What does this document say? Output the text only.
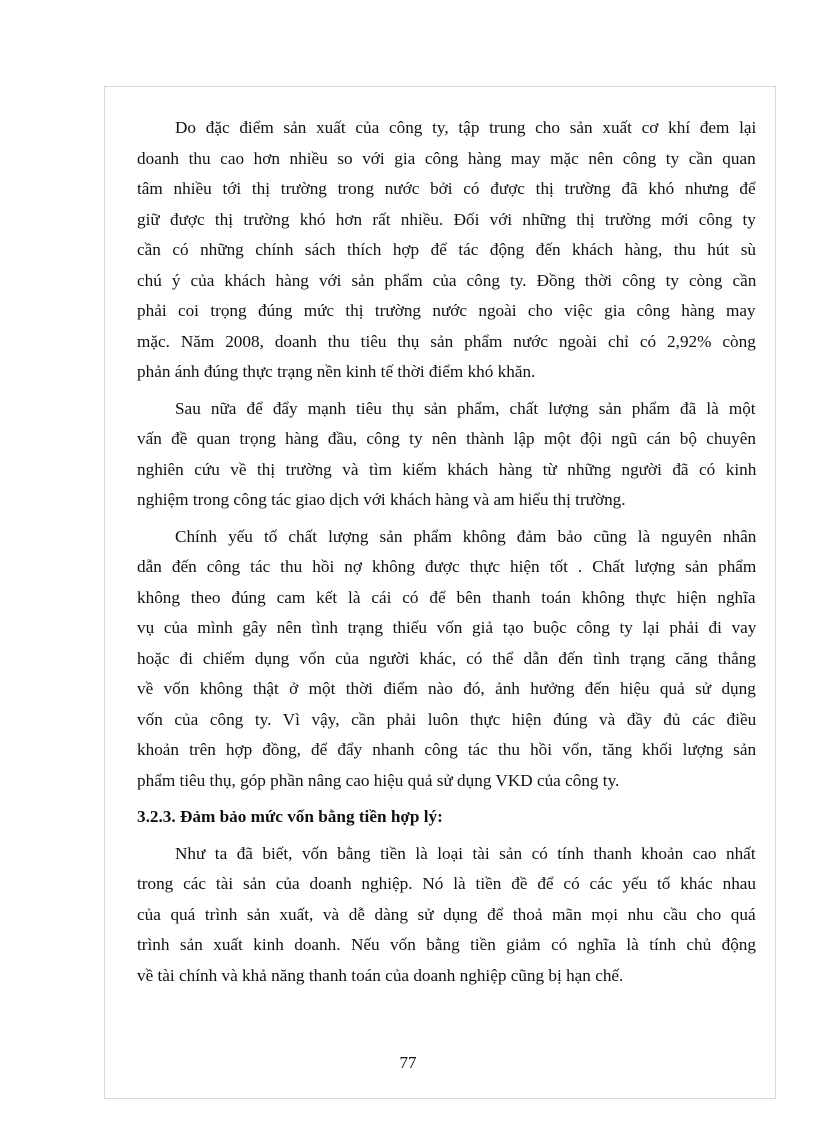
Do đặc điểm sản xuất của công ty, tập trung cho sản xuất cơ khí đem lại
doanh thu cao hơn nhiều so với gia công hàng may mặc nên công ty cần quan
tâm nhiều tới thị trường trong nước bởi có được thị trường đã khó nhưng để
giữ được thị trường khó hơn rất nhiều. Đối với những thị trường mới công ty
cần có những chính sách thích hợp để tác động đến khách hàng, thu hút sù
chú ý của khách hàng với sản phẩm của công ty. Đồng thời công ty còng cần
phải coi trọng đúng mức thị trường nước ngoài cho việc gia công hàng may
mặc. Năm 2008, doanh thu tiêu thụ sản phẩm nước ngoài chỉ có 2,92% còng
phản ánh đúng thực trạng nền kinh tế thời điểm khó khăn.
Sau nữa để đẩy mạnh tiêu thụ sản phẩm, chất lượng sản phẩm đã là một
vấn đề quan trọng hàng đầu, công ty nên thành lập một đội ngũ cán bộ chuyên
nghiên cứu về thị trường và tìm kiếm khách hàng từ những người đã có kinh
nghiệm trong công tác giao dịch với khách hàng và am hiểu thị trường.
Chính yếu tố chất lượng sản phẩm không đảm bảo cũng là nguyên nhân
dẫn đến công tác thu hồi nợ không được thực hiện tốt . Chất lượng sản phẩm
không theo đúng cam kết là cái có để bên thanh toán không thực hiện nghĩa
vụ của mình gây nên tình trạng thiếu vốn giả tạo buộc công ty lại phải đi vay
hoặc đi chiếm dụng vốn của người khác, có thể dẫn đến tình trạng căng thẳng
về vốn không thật ở một thời điểm nào đó, ảnh hưởng đến hiệu quả sử dụng
vốn của công ty. Vì vậy, cần phải luôn thực hiện đúng và đầy đủ các điều
khoản trên hợp đồng, để đẩy nhanh công tác thu hồi vốn, tăng khối lượng sản
phẩm tiêu thụ, góp phần nâng cao hiệu quả sử dụng VKD của công ty.
3.2.3. Đảm bảo mức vốn bằng tiền hợp lý:
Như ta đã biết, vốn bằng tiền là loại tài sản có tính thanh khoản cao nhất
trong các tài sản của doanh nghiệp. Nó là tiền đề để có các yếu tố khác nhau
của quá trình sản xuất, và dễ dàng sử dụng để thoả mãn mọi nhu cầu cho quá
trình sản xuất kinh doanh. Nếu vốn bằng tiền giảm có nghĩa là tính chủ động
về tài chính và khả năng thanh toán của doanh nghiệp cũng bị hạn chế.
77
